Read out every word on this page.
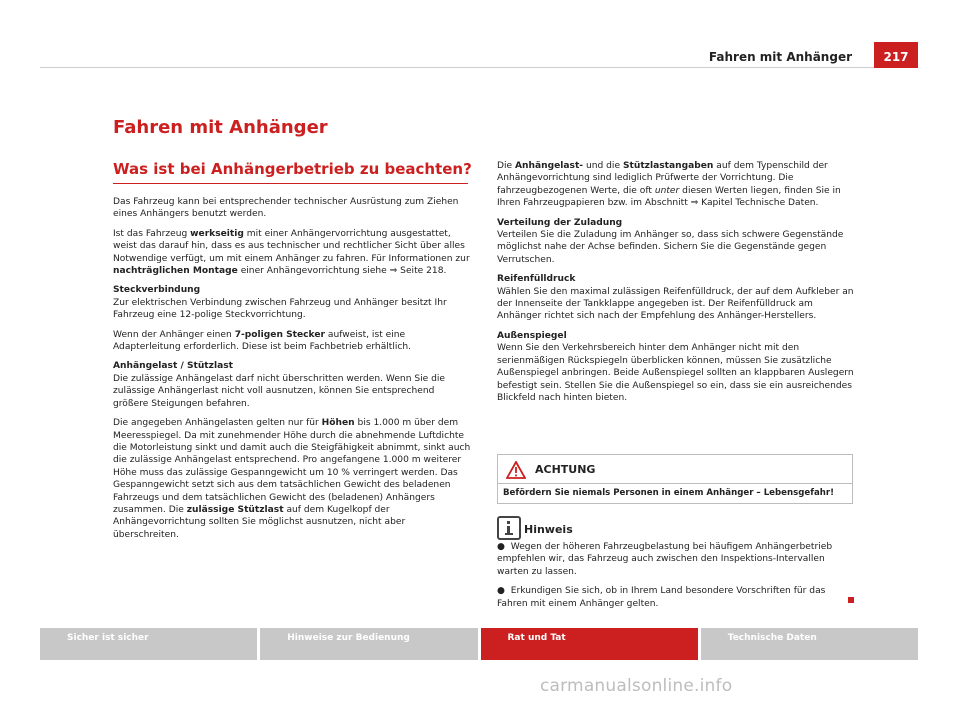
Fahren mit Anhänger	217
Fahren mit Anhänger
Was ist bei Anhängerbetrieb zu beachten?

Das Fahrzeug kann bei entsprechender technischer Ausrüstung zum Ziehen eines Anhängers benutzt werden.

Ist das Fahrzeug werkseitig mit einer Anhängervorrichtung ausgestattet, weist das darauf hin, dass es aus technischer und rechtlicher Sicht über alles Notwendige verfügt, um mit einem Anhänger zu fahren. Für Informationen zur nachträglichen Montage einer Anhängevorrichtung siehe ⇒ Seite 218.

Steckverbindung

Zur elektrischen Verbindung zwischen Fahrzeug und Anhänger besitzt Ihr Fahrzeug eine 12-polige Steckvorrichtung.

Wenn der Anhänger einen 7-poligen Stecker aufweist, ist eine Adapterleitung erforderlich. Diese ist beim Fachbetrieb erhältlich.

Anhängelast / Stützlast

Die zulässige Anhängelast darf nicht überschritten werden. Wenn Sie die zulässige Anhängerlast nicht voll ausnutzen, können Sie entsprechend größere Steigungen befahren.

Die angegeben Anhängelasten gelten nur für Höhen bis 1.000 m über dem Meeresspiegel. Da mit zunehmender Höhe durch die abnehmende Luftdichte die Motorleistung sinkt und damit auch die Steigfähigkeit abnimmt, sinkt auch die zulässige Anhängelast entsprechend. Pro angefangene 1.000 m weiterer Höhe muss das zulässige Gespanngewicht um 10 % verringert werden. Das Gespanngewicht setzt sich aus dem tatsächlichen Gewicht des beladenen Fahrzeugs und dem tatsächlichen Gewicht des (beladenen) Anhängers zusammen. Die zulässige Stützlast auf dem Kugelkopf der Anhängevorrichtung sollten Sie möglichst ausnutzen, nicht aber überschreiten.

Die Anhängelast- und die Stützlastangaben auf dem Typenschild der Anhängevorrichtung sind lediglich Prüfwerte der Vorrichtung. Die fahrzeugbezogenen Werte, die oft unter diesen Werten liegen, finden Sie in Ihren Fahrzeugpapieren bzw. im Abschnitt ⇒ Kapitel Technische Daten.

Verteilung der Zuladung

Verteilen Sie die Zuladung im Anhänger so, dass sich schwere Gegenstände möglichst nahe der Achse befinden. Sichern Sie die Gegenstände gegen Verrutschen.

Reifenfülldruck

Wählen Sie den maximal zulässigen Reifenfülldruck, der auf dem Aufkleber an der Innenseite der Tankklappe angegeben ist. Der Reifenfülldruck am Anhänger richtet sich nach der Empfehlung des Anhänger-Herstellers.

Außenspiegel

Wenn Sie den Verkehrsbereich hinter dem Anhänger nicht mit den serienmäßigen Rückspiegeln überblicken können, müssen Sie zusätzliche Außenspiegel anbringen. Beide Außenspiegel sollten an klappbaren Auslegern befestigt sein. Stellen Sie die Außenspiegel so ein, dass sie ein ausreichendes Blickfeld nach hinten bieten.

ACHTUNG
Befördern Sie niemals Personen in einem Anhänger – Lebensgefahr!
Hinweis

● Wegen der höheren Fahrzeugbelastung bei häufigem Anhängerbetrieb empfehlen wir, das Fahrzeug auch zwischen den Inspektions-Intervallen warten zu lassen.

● Erkundigen Sie sich, ob in Ihrem Land besondere Vorschriften für das Fahren mit einem Anhänger gelten.

Sicher ist sicher	Hinweise zur Bedienung	Rat und Tat	Technische Daten
carmanualsonline.info
